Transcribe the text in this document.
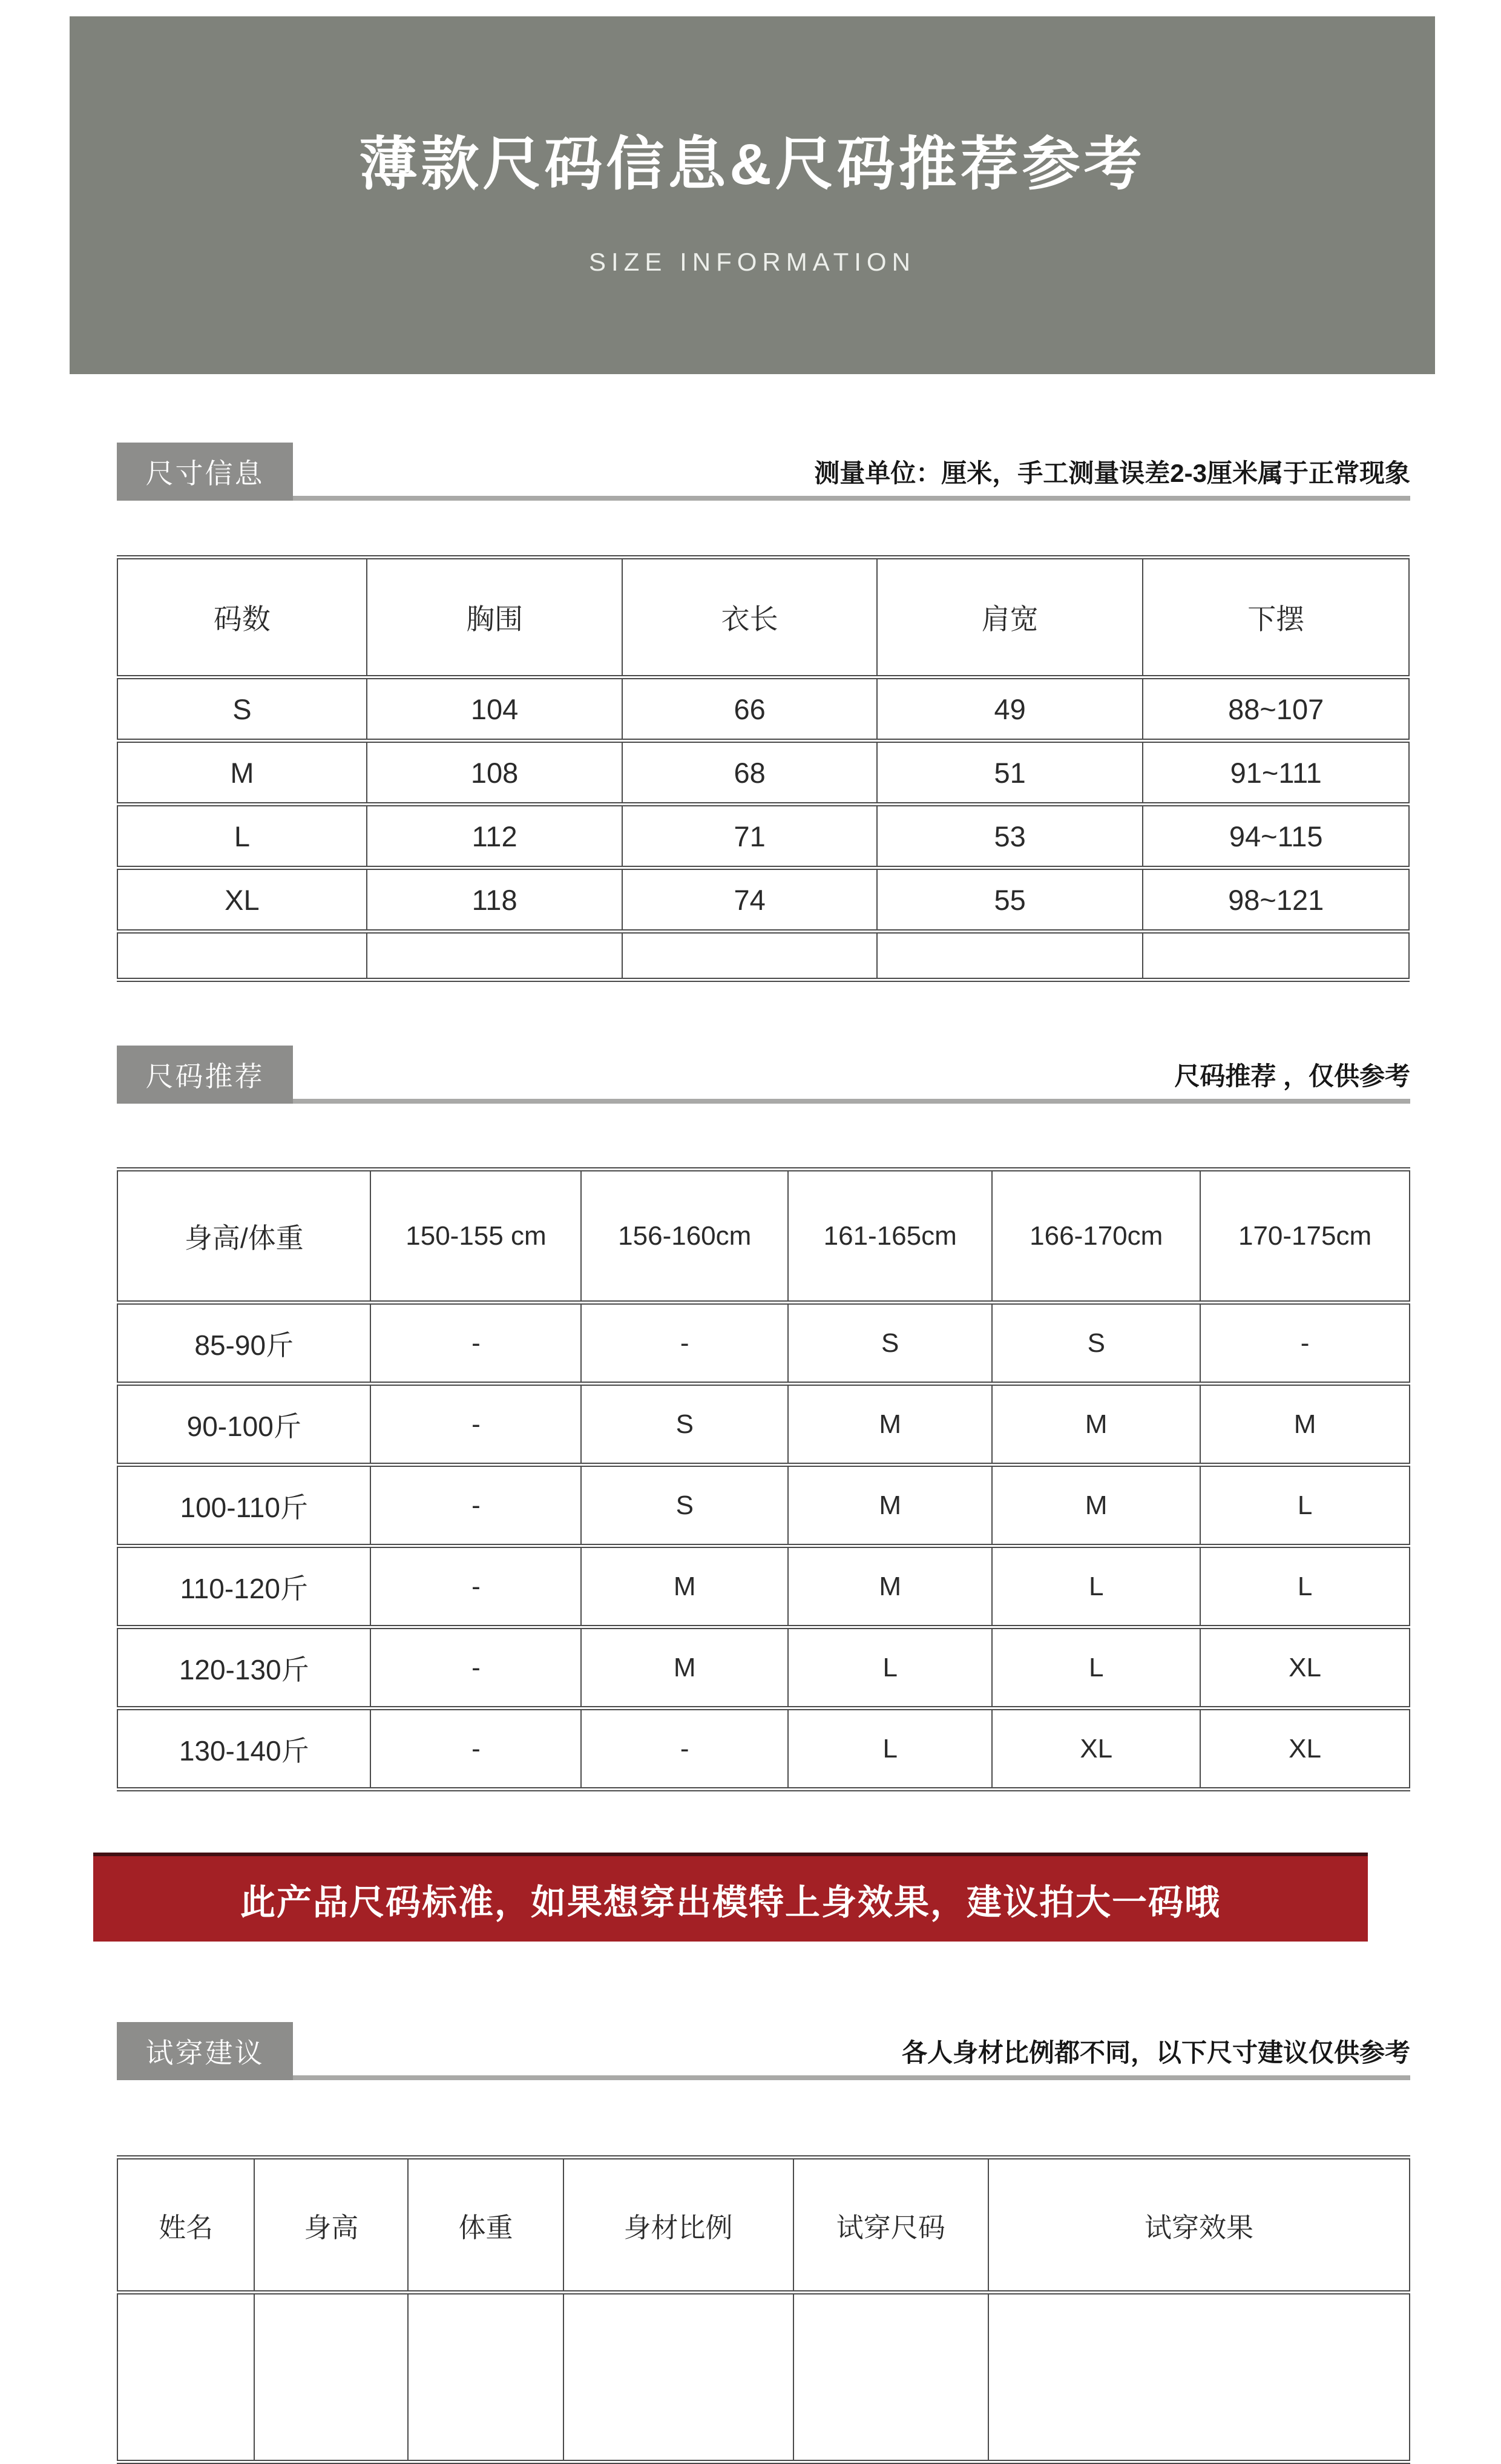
薄款尺码信息&尺码推荐参考
SIZE INFORMATION
尺寸信息	测量单位：厘米，手工测量误差2-3厘米属于正常现象
码数	胸围	衣长	肩宽	下摆
S	104	66	49	88~107
M	108	68	51	91~111
L	112	71	53	94~115
XL	118	74	55	98~121

尺码推荐	尺码推荐 ，仅供参考
身高/体重	150-155 cm	156-160cm	161-165cm	166-170cm	170-175cm
85-90斤	-	-	S	S	-
90-100斤	-	S	M	M	M
100-110斤	-	S	M	M	L
110-120斤	-	M	M	L	L
120-130斤	-	M	L	L	XL
130-140斤	-	-	L	XL	XL
此产品尺码标准，如果想穿出模特上身效果，建议拍大一码哦
试穿建议	各人身材比例都不同，以下尺寸建议仅供参考
姓名	身高	体重	身材比例	试穿尺码	试穿效果
